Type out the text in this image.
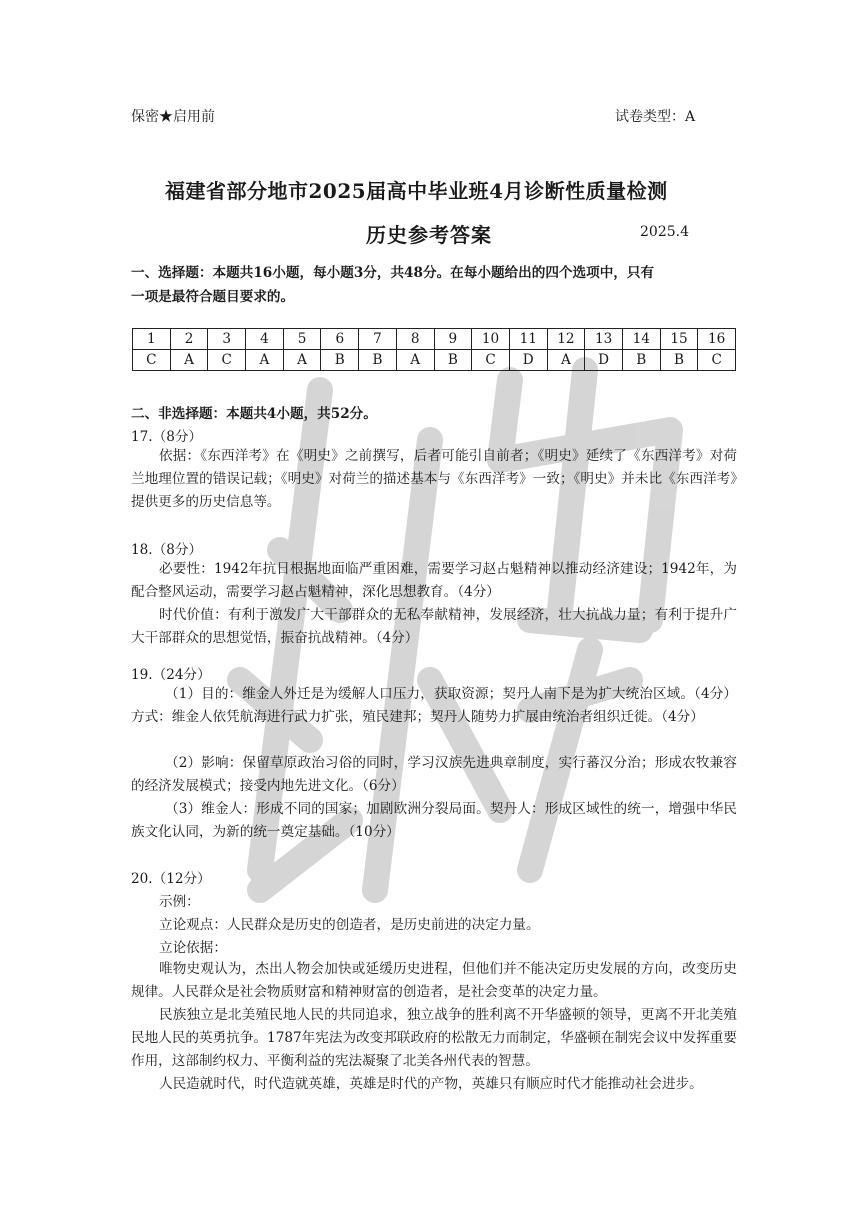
保密★启用前	试卷类型：A
福建省部分地市2025届高中毕业班4月诊断性质量检测
历史参考答案	2025.4
一、选择题：本题共16小题，每小题3分，共48分。在每小题给出的四个选项中，只有
一项是最符合题目要求的。
1	2	3	4	5	6	7	8	9	10	11	12	13	14	15	16
C	A	C	A	A	B	B	A	B	C	D	A	D	B	B	C
二、非选择题：本题共4小题，共52分。
17.（8分）
依据：《东西洋考》在《明史》之前撰写，后者可能引自前者；《明史》延续了《东西洋考》对荷兰地理位置的错误记载；《明史》对荷兰的描述基本与《东西洋考》一致；《明史》并未比《东西洋考》提供更多的历史信息等。
18.（8分）
必要性：1942年抗日根据地面临严重困难，需要学习赵占魁精神以推动经济建设；1942年，为配合整风运动，需要学习赵占魁精神，深化思想教育。（4分）
时代价值：有利于激发广大干部群众的无私奉献精神，发展经济，壮大抗战力量；有利于提升广大干部群众的思想觉悟，振奋抗战精神。（4分）
19.（24分）
（1）目的：维金人外迁是为缓解人口压力，获取资源；契丹人南下是为扩大统治区域。（4分）方式：维金人依凭航海进行武力扩张，殖民建邦；契丹人随势力扩展由统治者组织迁徙。（4分）
（2）影响：保留草原政治习俗的同时，学习汉族先进典章制度，实行蕃汉分治；形成农牧兼容的经济发展模式；接受内地先进文化。（6分）
（3）维金人：形成不同的国家；加剧欧洲分裂局面。契丹人：形成区域性的统一，增强中华民族文化认同，为新的统一奠定基础。（10分）
20.（12分）
示例：
立论观点：人民群众是历史的创造者，是历史前进的决定力量。
立论依据：
唯物史观认为，杰出人物会加快或延缓历史进程，但他们并不能决定历史发展的方向，改变历史规律。人民群众是社会物质财富和精神财富的创造者，是社会变革的决定力量。
民族独立是北美殖民地人民的共同追求，独立战争的胜利离不开华盛顿的领导，更离不开北美殖民地人民的英勇抗争。1787年宪法为改变邦联政府的松散无力而制定，华盛顿在制宪会议中发挥重要作用，这部制约权力、平衡利益的宪法凝聚了北美各州代表的智慧。
人民造就时代，时代造就英雄，英雄是时代的产物，英雄只有顺应时代才能推动社会进步。
